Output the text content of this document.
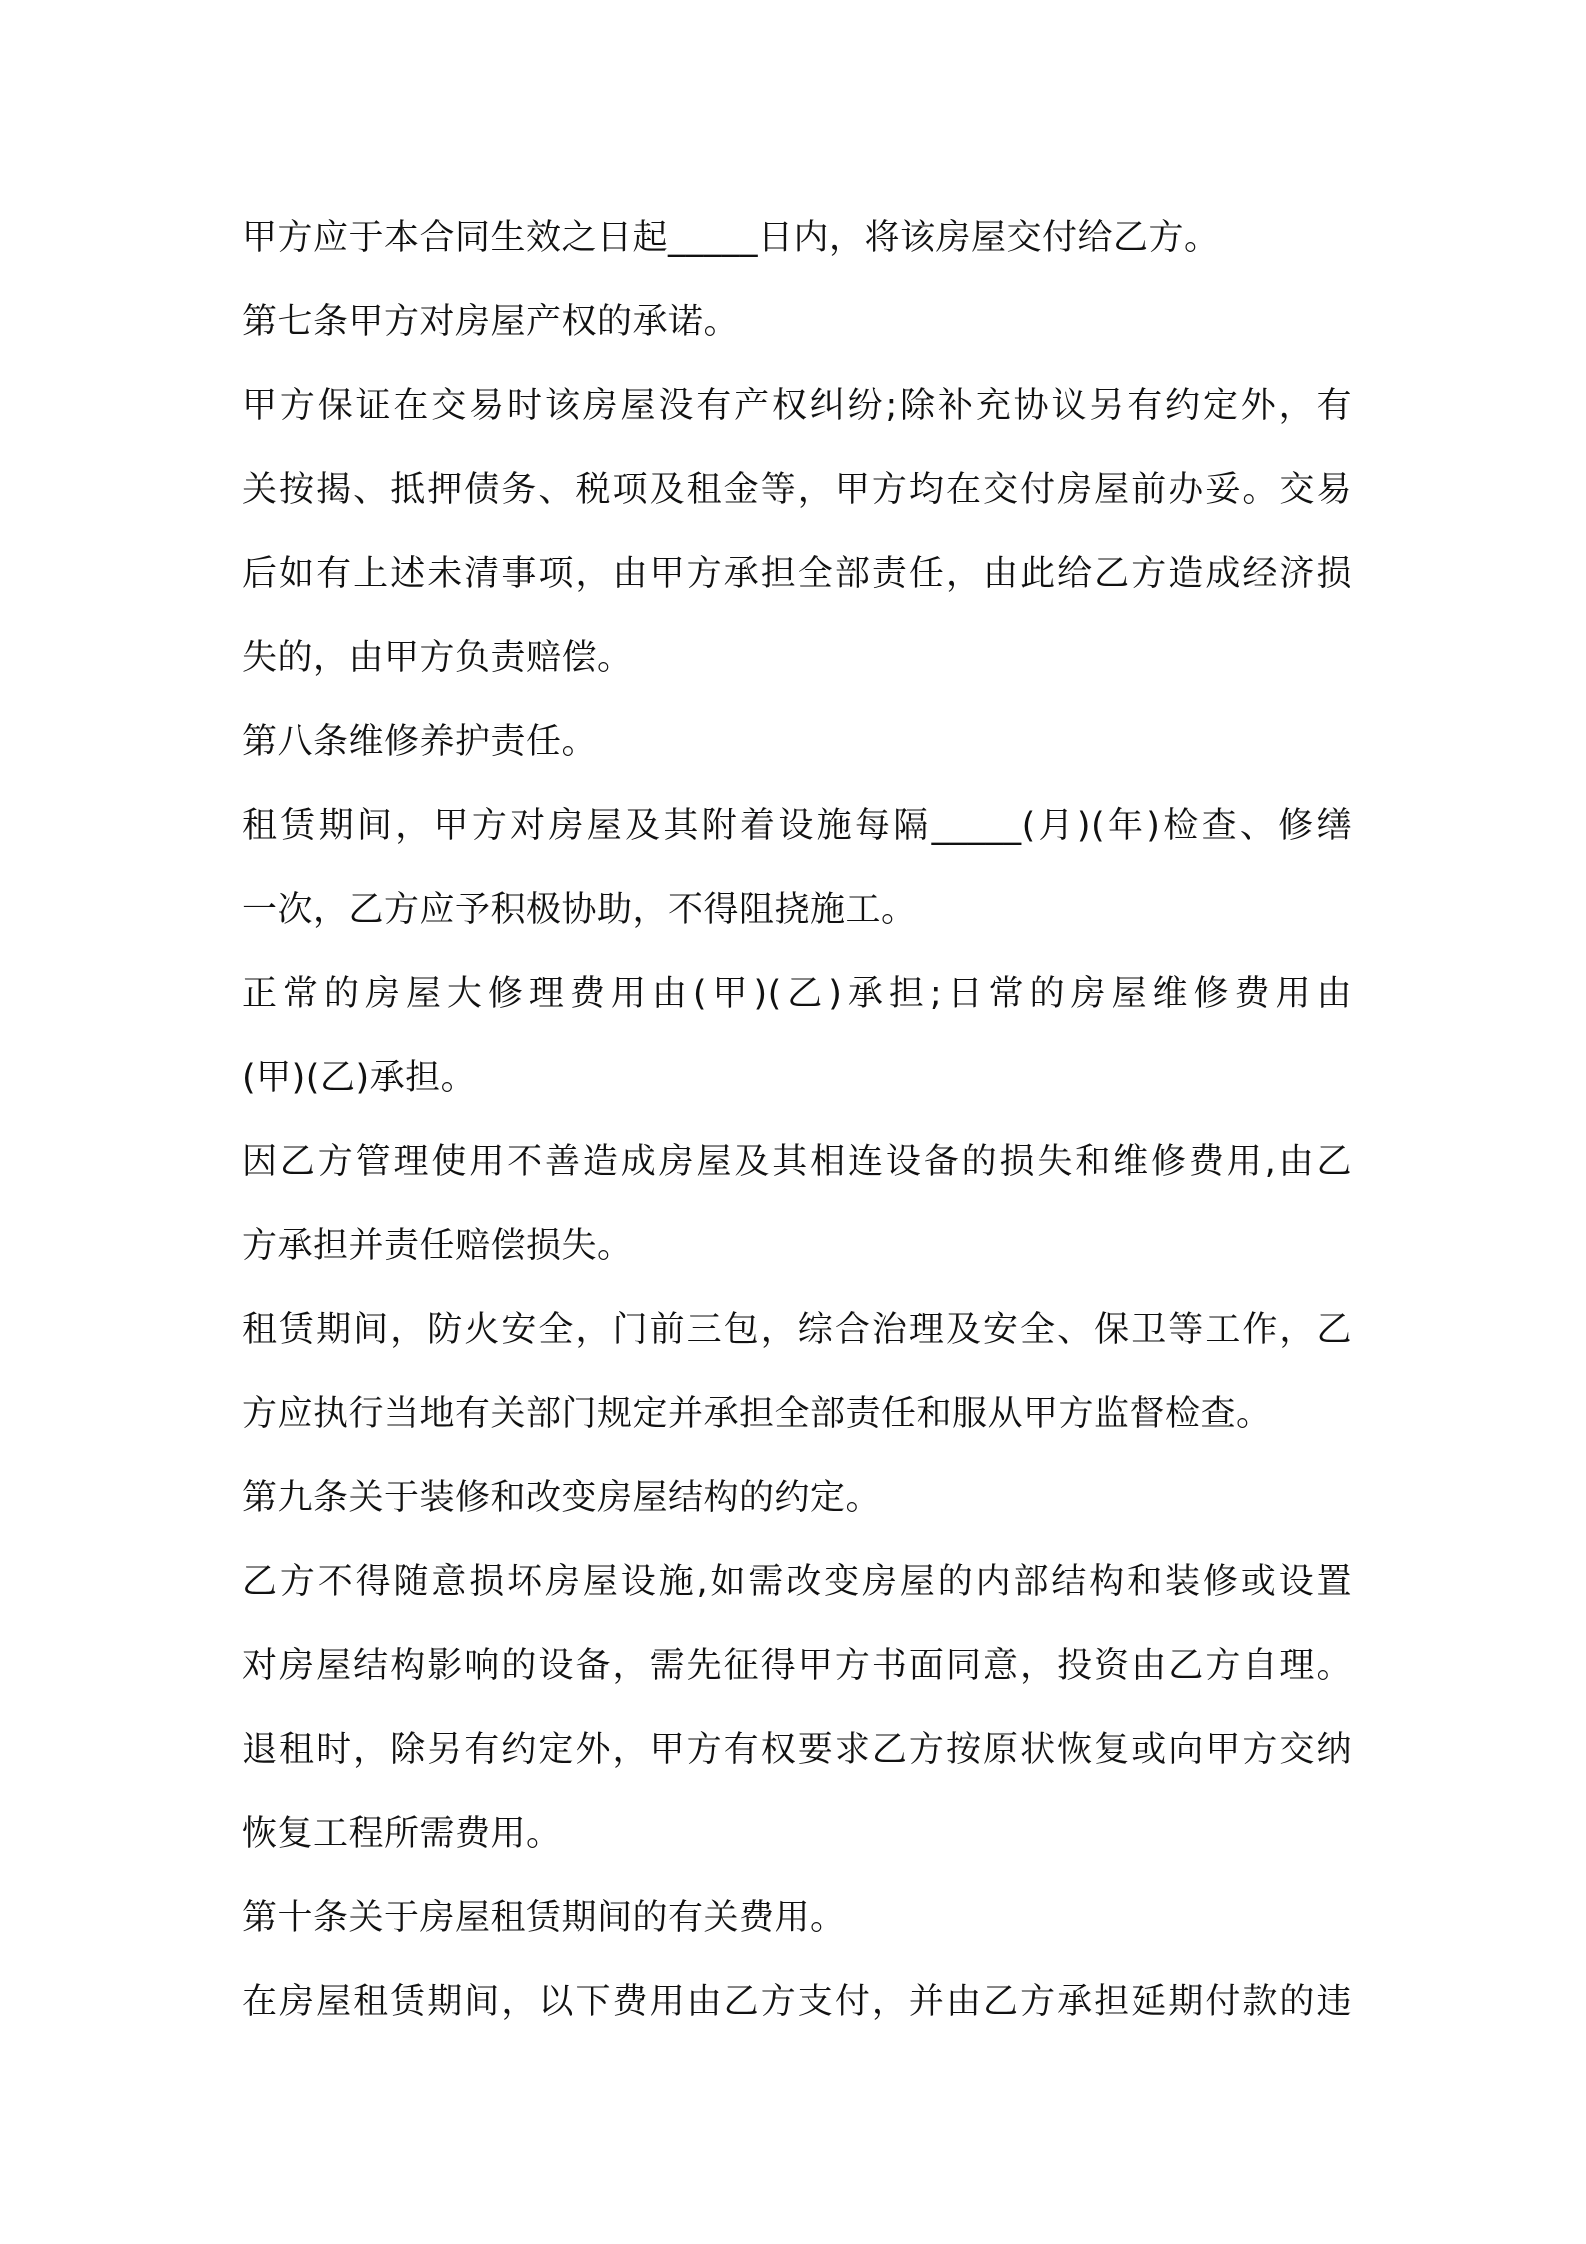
甲方应于本合同生效之日起_____日内，将该房屋交付给乙方。
第七条甲方对房屋产权的承诺。
甲方保证在交易时该房屋没有产权纠纷;除补充协议另有约定外，有
关按揭、抵押债务、税项及租金等，甲方均在交付房屋前办妥。交易
后如有上述未清事项，由甲方承担全部责任，由此给乙方造成经济损
失的，由甲方负责赔偿。
第八条维修养护责任。
租赁期间，甲方对房屋及其附着设施每隔_____(月)(年)检查、修缮
一次，乙方应予积极协助，不得阻挠施工。
正常的房屋大修理费用由(甲)(乙)承担;日常的房屋维修费用由
(甲)(乙)承担。
因乙方管理使用不善造成房屋及其相连设备的损失和维修费用,由乙
方承担并责任赔偿损失。
租赁期间，防火安全，门前三包，综合治理及安全、保卫等工作，乙
方应执行当地有关部门规定并承担全部责任和服从甲方监督检查。
第九条关于装修和改变房屋结构的约定。
乙方不得随意损坏房屋设施,如需改变房屋的内部结构和装修或设置
对房屋结构影响的设备，需先征得甲方书面同意，投资由乙方自理。
退租时，除另有约定外，甲方有权要求乙方按原状恢复或向甲方交纳
恢复工程所需费用。
第十条关于房屋租赁期间的有关费用。
在房屋租赁期间，以下费用由乙方支付，并由乙方承担延期付款的违
